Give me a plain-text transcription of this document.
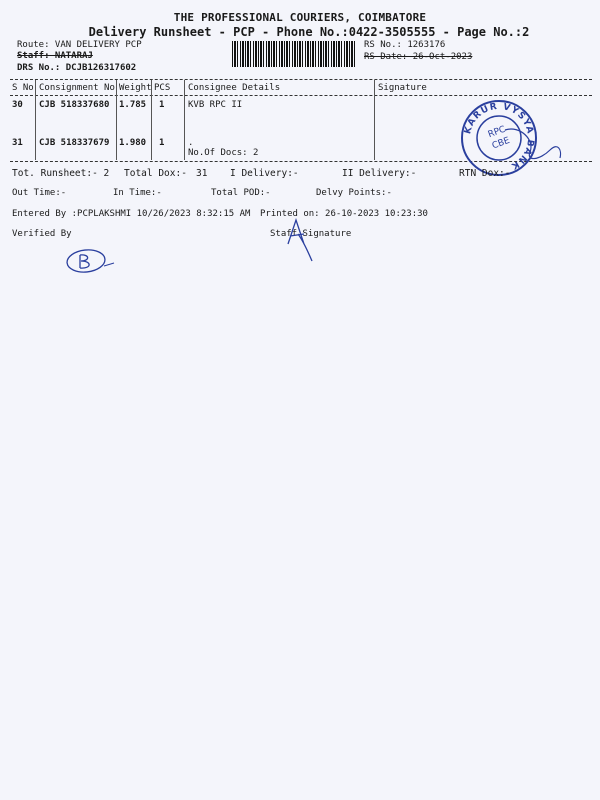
THE PROFESSIONAL COURIERS, COIMBATORE
Delivery Runsheet - PCP - Phone No.:0422-3505555 - Page No.:2
Route: VAN DELIVERY PCP
Staff: NATARAJ
DRS No.: DCJB126317602
RS No.: 1263176
RS Date: 26-Oct-2023
S No Consignment No Weight PCS Consignee Details	Signature
30 CJB 518337680 1.785 1	KVB RPC II
31 CJB 518337679 1.980 1	.
No.Of Docs: 2
KARUR VYSYA BANK
RPC
CBE
Tot. Runsheet:- 2 Total Dox:- 31 I Delivery:-	II Delivery:-	RTN Dox:-
Out Time:-	In Time:-	Total POD:-	Delvy Points:-
Entered By :PCPLAKSHMI 10/26/2023 8:32:15 AM Printed on: 26-10-2023 10:23:30
Verified By	Staff Signature
